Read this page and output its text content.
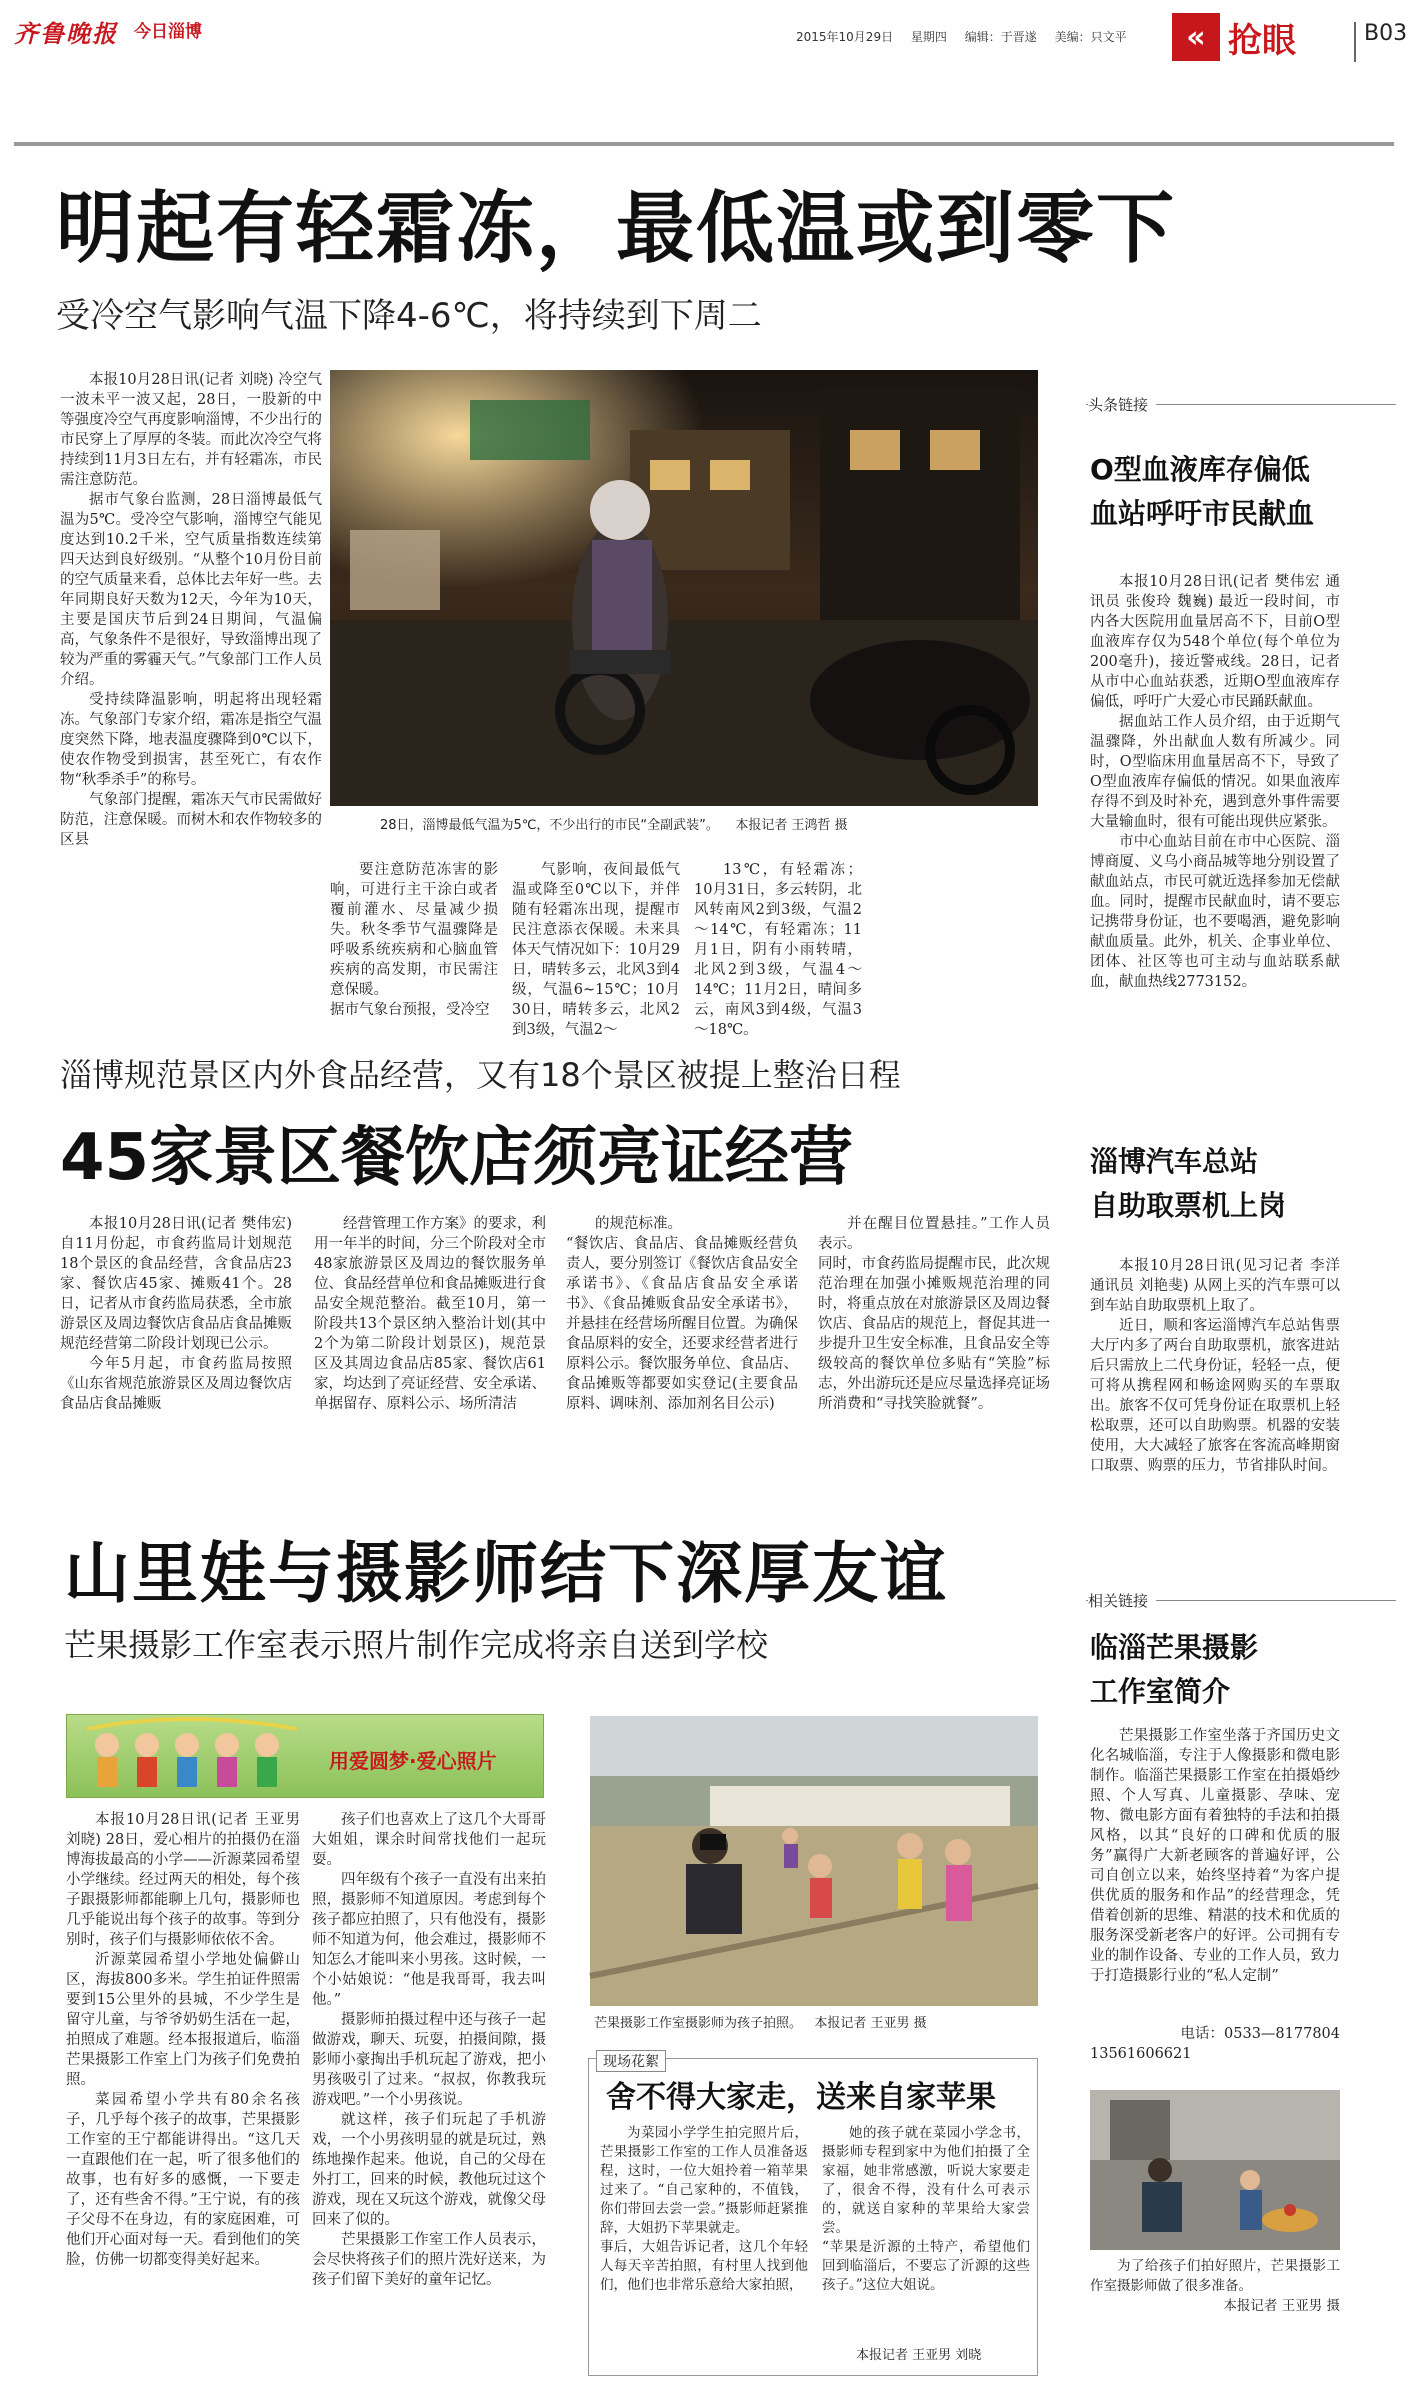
齐鲁晚报 今日淄博	2015年10月29日 星期四 编辑：于晋遂 美编：只文平	« 抢眼	B03
明起有轻霜冻，最低温或到零下
受冷空气影响气温下降4-6℃，将持续到下周二

本报10月28日讯(记者 刘晓) 冷空气一波未平一波又起，28日，一股新的中等强度冷空气再度影响淄博，不少出行的市民穿上了厚厚的冬装。而此次冷空气将持续到11月3日左右，并有轻霜冻，市民需注意防范。

据市气象台监测，28日淄博最低气温为5℃。受冷空气影响，淄博空气能见度达到10.2千米，空气质量指数连续第四天达到良好级别。“从整个10月份目前的空气质量来看，总体比去年好一些。去年同期良好天数为12天，今年为10天，主要是国庆节后到24日期间，气温偏高，气象条件不是很好，导致淄博出现了较为严重的雾霾天气。”气象部门工作人员介绍。

受持续降温影响，明起将出现轻霜冻。气象部门专家介绍，霜冻是指空气温度突然下降，地表温度骤降到0℃以下，使农作物受到损害，甚至死亡，有农作物“秋季杀手”的称号。

气象部门提醒，霜冻天气市民需做好防范，注意保暖。而树木和农作物较多的区县

28日，淄博最低气温为5℃，不少出行的市民“全副武装”。 本报记者 王鸿哲 摄

要注意防范冻害的影响，可进行主干涂白或者覆前灌水、尽量减少损失。秋冬季节气温骤降是呼吸系统疾病和心脑血管疾病的高发期，市民需注意保暖。
据市气象台预报，受冷空

气影响，夜间最低气温或降至0℃以下，并伴随有轻霜冻出现，提醒市民注意添衣保暖。未来具体天气情况如下：10月29日，晴转多云，北风3到4级，气温6~15℃；10月30日，晴转多云，北风2到3级，气温2～

13℃，有轻霜冻；10月31日，多云转阴，北风转南风2到3级，气温2～14℃，有轻霜冻；11月1日，阴有小雨转晴，北风2到3级，气温4～14℃；11月2日，晴间多云，南风3到4级，气温3～18℃。

头条链接
O型血液库存偏低
血站呼吁市民献血

本报10月28日讯(记者 樊伟宏 通讯员 张俊玲 魏巍) 最近一段时间，市内各大医院用血量居高不下，目前O型血液库存仅为548个单位(每个单位为200毫升)，接近警戒线。28日，记者从市中心血站获悉，近期O型血液库存偏低，呼吁广大爱心市民踊跃献血。

据血站工作人员介绍，由于近期气温骤降，外出献血人数有所减少。同时，O型临床用血量居高不下，导致了O型血液库存偏低的情况。如果血液库存得不到及时补充，遇到意外事件需要大量输血时，很有可能出现供应紧张。

市中心血站目前在市中心医院、淄博商厦、义乌小商品城等地分别设置了献血站点，市民可就近选择参加无偿献血。同时，提醒市民献血时，请不要忘记携带身份证，也不要喝酒，避免影响献血质量。此外，机关、企事业单位、团体、社区等也可主动与血站联系献血，献血热线2773152。

淄博规范景区内外食品经营，又有18个景区被提上整治日程
45家景区餐饮店须亮证经营

本报10月28日讯(记者 樊伟宏) 自11月份起，市食药监局计划规范18个景区的食品经营，含食品店23家、餐饮店45家、摊贩41个。28日，记者从市食药监局获悉，全市旅游景区及周边餐饮店食品店食品摊贩规范经营第二阶段计划现已公示。

今年5月起，市食药监局按照《山东省规范旅游景区及周边餐饮店食品店食品摊贩

经营管理工作方案》的要求，利用一年半的时间，分三个阶段对全市48家旅游景区及周边的餐饮服务单位、食品经营单位和食品摊贩进行食品安全规范整治。截至10月，第一阶段共13个景区纳入整治计划(其中2个为第二阶段计划景区)，规范景区及其周边食品店85家、餐饮店61家，均达到了亮证经营、安全承诺、单据留存、原料公示、场所清洁

的规范标准。
“餐饮店、食品店、食品摊贩经营负责人，要分别签订《餐饮店食品安全承诺书》、《食品店食品安全承诺书》、《食品摊贩食品安全承诺书》，并悬挂在经营场所醒目位置。为确保食品原料的安全，还要求经营者进行原料公示。餐饮服务单位、食品店、食品摊贩等都要如实登记(主要食品原料、调味剂、添加剂名目公示)

并在醒目位置悬挂。”工作人员表示。
同时，市食药监局提醒市民，此次规范治理在加强小摊贩规范治理的同时，将重点放在对旅游景区及周边餐饮店、食品店的规范上，督促其进一步提升卫生安全标准，且食品安全等级较高的餐饮单位多贴有“笑脸”标志，外出游玩还是应尽量选择亮证场所消费和“寻找笑脸就餐”。

淄博汽车总站
自助取票机上岗

本报10月28日讯(见习记者 李洋 通讯员 刘艳斐) 从网上买的汽车票可以到车站自助取票机上取了。

近日，顺和客运淄博汽车总站售票大厅内多了两台自助取票机，旅客进站后只需放上二代身份证，轻轻一点，便可将从携程网和畅途网购买的车票取出。旅客不仅可凭身份证在取票机上轻松取票，还可以自助购票。机器的安装使用，大大减轻了旅客在客流高峰期窗口取票、购票的压力，节省排队时间。

山里娃与摄影师结下深厚友谊
芒果摄影工作室表示照片制作完成将亲自送到学校
用爱圆梦·爱心照片

本报10月28日讯(记者 王亚男 刘晓) 28日，爱心相片的拍摄仍在淄博海拔最高的小学——沂源菜园希望小学继续。经过两天的相处，每个孩子跟摄影师都能聊上几句，摄影师也几乎能说出每个孩子的故事。等到分别时，孩子们与摄影师依依不舍。

沂源菜园希望小学地处偏僻山区，海拔800多米。学生拍证件照需要到15公里外的县城，不少学生是留守儿童，与爷爷奶奶生活在一起，拍照成了难题。经本报报道后，临淄芒果摄影工作室上门为孩子们免费拍照。

菜园希望小学共有80余名孩子，几乎每个孩子的故事，芒果摄影工作室的王宁都能讲得出。“这几天一直跟他们在一起，听了很多他们的故事，也有好多的感慨，一下要走了，还有些舍不得。”王宁说，有的孩子父母不在身边，有的家庭困难，可他们开心面对每一天。看到他们的笑脸，仿佛一切都变得美好起来。

孩子们也喜欢上了这几个大哥哥大姐姐，课余时间常找他们一起玩耍。

四年级有个孩子一直没有出来拍照，摄影师不知道原因。考虑到每个孩子都应拍照了，只有他没有，摄影师不知道为何，他会难过，摄影师不知怎么才能叫来小男孩。这时候，一个小姑娘说：“他是我哥哥，我去叫他。”

摄影师拍摄过程中还与孩子一起做游戏，聊天、玩耍，拍摄间隙，摄影师小豪掏出手机玩起了游戏，把小男孩吸引了过来。“叔叔，你教我玩游戏吧。”一个小男孩说。

就这样，孩子们玩起了手机游戏，一个小男孩明显的就是玩过，熟练地操作起来。他说，自己的父母在外打工，回来的时候，教他玩过这个游戏，现在又玩这个游戏，就像父母回来了似的。

芒果摄影工作室工作人员表示，会尽快将孩子们的照片洗好送来，为孩子们留下美好的童年记忆。

芒果摄影工作室摄影师为孩子拍照。 本报记者 王亚男 摄
现场花絮
舍不得大家走，送来自家苹果

为菜园小学学生拍完照片后，芒果摄影工作室的工作人员准备返程，这时，一位大姐拎着一箱苹果过来了。“自己家种的，不值钱，你们带回去尝一尝。”摄影师赶紧推辞，大姐扔下苹果就走。
事后，大姐告诉记者，这几个年轻人每天辛苦拍照，有村里人找到他们，他们也非常乐意给大家拍照，

她的孩子就在菜园小学念书，摄影师专程到家中为他们拍摄了全家福，她非常感激，听说大家要走了，很舍不得，没有什么可表示的，就送自家种的苹果给大家尝尝。
“苹果是沂源的土特产，希望他们回到临淄后，不要忘了沂源的这些孩子。”这位大姐说。

本报记者 王亚男 刘晓
相关链接
临淄芒果摄影
工作室简介

芒果摄影工作室坐落于齐国历史文化名城临淄，专注于人像摄影和微电影制作。临淄芒果摄影工作室在拍摄婚纱照、个人写真、儿童摄影、孕味、宠物、微电影方面有着独特的手法和拍摄风格，以其“良好的口碑和优质的服务”赢得广大新老顾客的普遍好评，公司自创立以来，始终坚持着“为客户提供优质的服务和作品”的经营理念，凭借着创新的思维、精湛的技术和优质的服务深受新老客户的好评。公司拥有专业的制作设备、专业的工作人员，致力于打造摄影行业的“私人定制”

电话：0533—8177804
13561606621

为了给孩子们拍好照片，芒果摄影工作室摄影师做了很多准备。

本报记者 王亚男 摄
